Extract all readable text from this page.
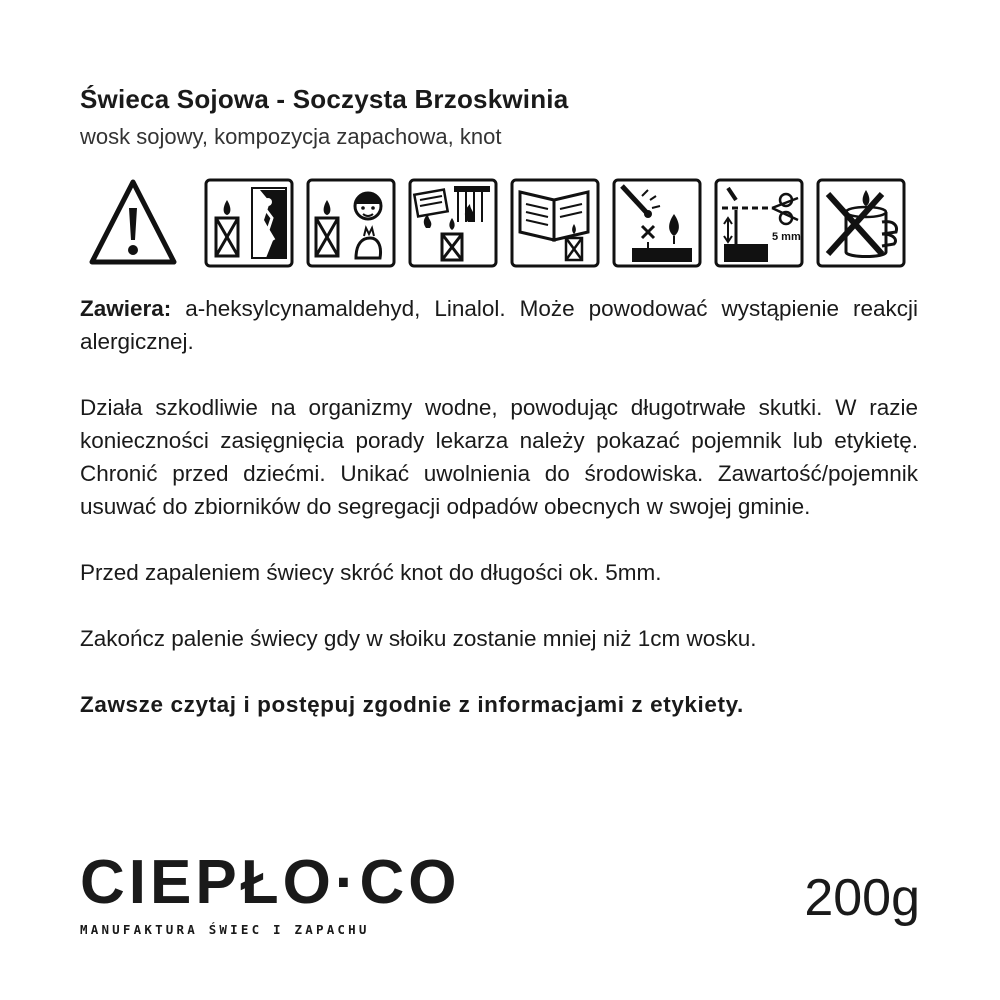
Świeca Sojowa - Soczysta Brzoskwinia
wosk sojowy, kompozycja zapachowa, knot
5 mm

Zawiera: a-heksylcynamaldehyd, Linalol. Może powodować wystąpienie reakcji alergicznej.

Działa szkodliwie na organizmy wodne, powodując długotrwałe skutki. W razie konieczności zasięgnięcia porady lekarza należy pokazać pojemnik lub etykietę. Chronić przed dziećmi. Unikać uwolnienia do środowiska. Zawartość/pojemnik usuwać do zbiorników do segregacji odpadów obecnych w swojej gminie.

Przed zapaleniem świecy skróć knot do długości ok. 5mm.

Zakończ palenie świecy gdy w słoiku zostanie mniej niż 1cm wosku.

Zawsze czytaj i postępuj zgodnie z informacjami z etykiety.

CIEPŁO·CO
MANUFAKTURA ŚWIEC I ZAPACHU
200g
